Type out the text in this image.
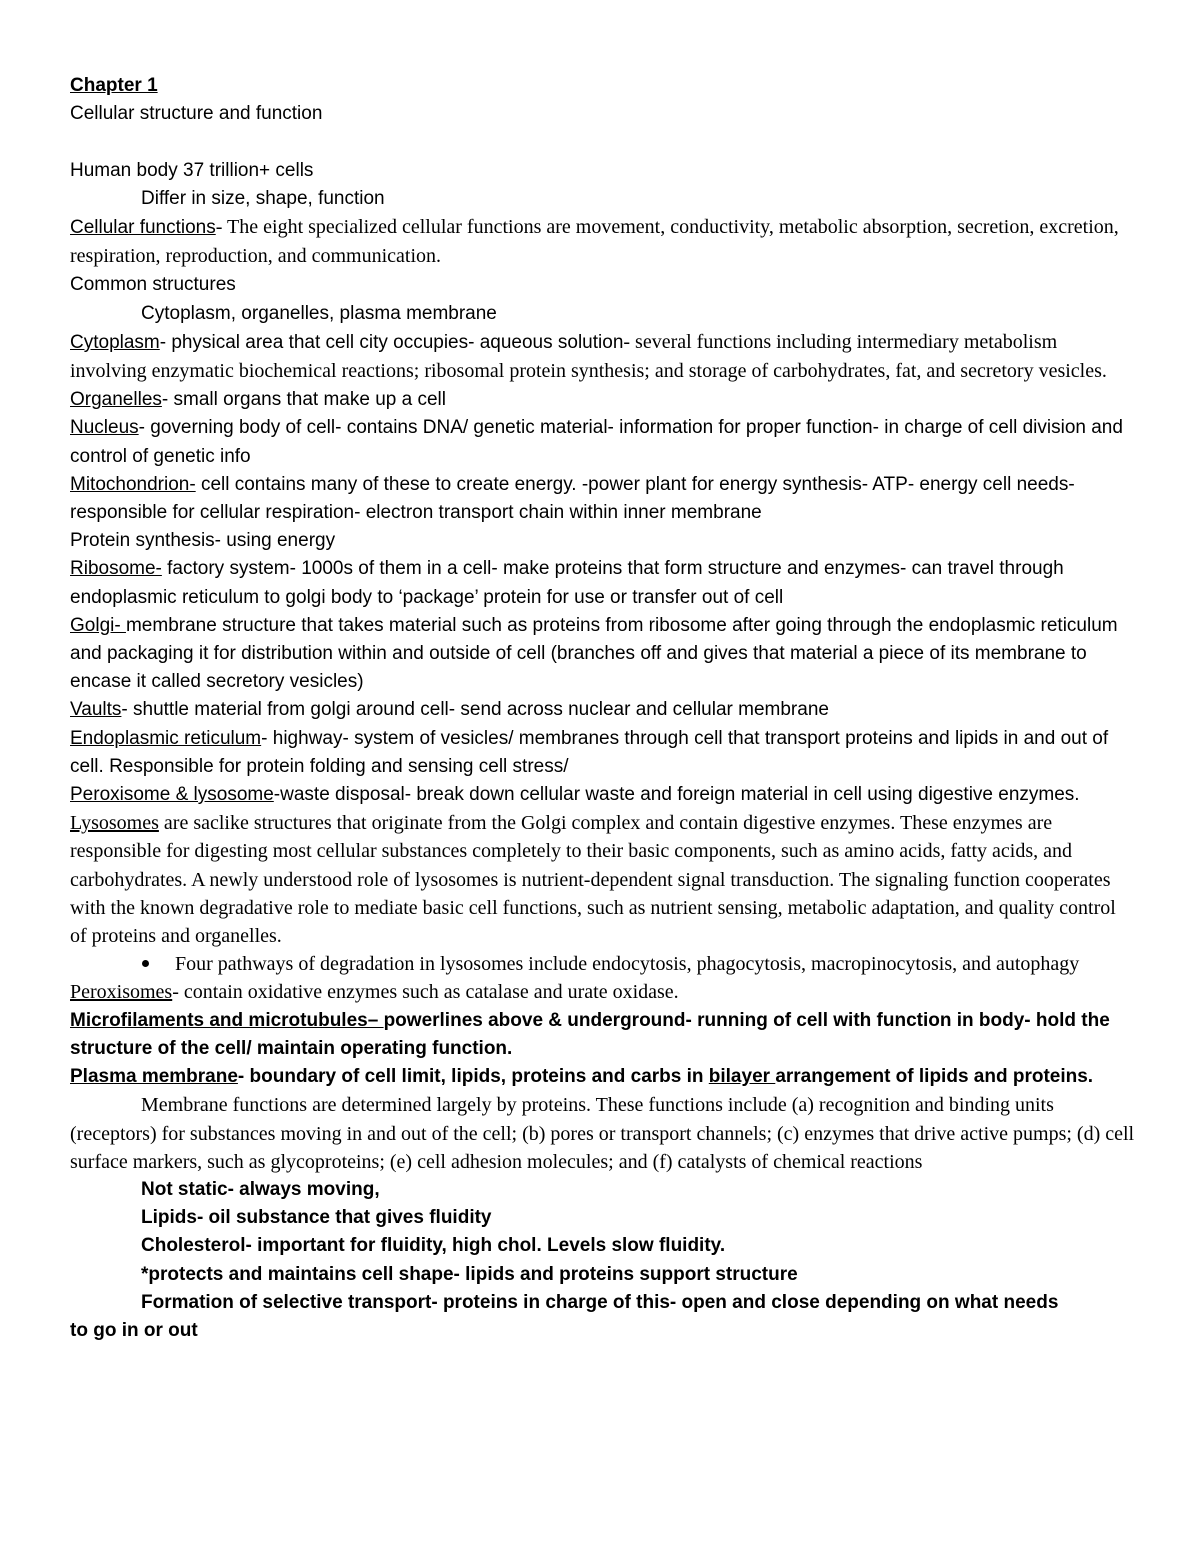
Chapter 1

Cellular structure and function

Human body 37 trillion+ cells

Differ in size, shape, function

Cellular functions- The eight specialized cellular functions are movement, conductivity, metabolic absorption, secretion, excretion, respiration, reproduction, and communication.

Common structures

Cytoplasm, organelles, plasma membrane

Cytoplasm- physical area that cell city occupies- aqueous solution- several functions including intermediary metabolism involving enzymatic biochemical reactions; ribosomal protein synthesis; and storage of carbohydrates, fat, and secretory vesicles.

Organelles- small organs that make up a cell

Nucleus- governing body of cell- contains DNA/ genetic material- information for proper function- in charge of cell division and control of genetic info

Mitochondrion- cell contains many of these to create energy. -power plant for energy synthesis- ATP- energy cell needs- responsible for cellular respiration- electron transport chain within inner membrane

Protein synthesis- using energy

Ribosome- factory system- 1000s of them in a cell- make proteins that form structure and enzymes- can travel through endoplasmic reticulum to golgi body to ‘package’ protein for use or transfer out of cell

Golgi- membrane structure that takes material such as proteins from ribosome after going through the endoplasmic reticulum and packaging it for distribution within and outside of cell (branches off and gives that material a piece of its membrane to encase it called secretory vesicles)

Vaults- shuttle material from golgi around cell- send across nuclear and cellular membrane

Endoplasmic reticulum- highway- system of vesicles/ membranes through cell that transport proteins and lipids in and out of cell. Responsible for protein folding and sensing cell stress/

Peroxisome & lysosome-waste disposal- break down cellular waste and foreign material in cell using digestive enzymes.

Lysosomes are saclike structures that originate from the Golgi complex and contain digestive enzymes. These enzymes are responsible for digesting most cellular substances completely to their basic components, such as amino acids, fatty acids, and carbohydrates. A newly understood role of lysosomes is nutrient-dependent signal transduction. The signaling function cooperates with the known degradative role to mediate basic cell functions, such as nutrient sensing, metabolic adaptation, and quality control of proteins and organelles.

Four pathways of degradation in lysosomes include endocytosis, phagocytosis, macropinocytosis, and autophagy

Peroxisomes- contain oxidative enzymes such as catalase and urate oxidase.

Microfilaments and microtubules– powerlines above & underground- running of cell with function in body- hold the structure of the cell/ maintain operating function.

Plasma membrane- boundary of cell limit, lipids, proteins and carbs in bilayer arrangement of lipids and proteins.

Membrane functions are determined largely by proteins. These functions include (a) recognition and binding units (receptors) for substances moving in and out of the cell; (b) pores or transport channels; (c) enzymes that drive active pumps; (d) cell surface markers, such as glycoproteins; (e) cell adhesion molecules; and (f) catalysts of chemical reactions

Not static- always moving,

Lipids- oil substance that gives fluidity

Cholesterol- important for fluidity, high chol. Levels slow fluidity.

*protects and maintains cell shape- lipids and proteins support structure

Formation of selective transport- proteins in charge of this- open and close depending on what needs

to go in or out
